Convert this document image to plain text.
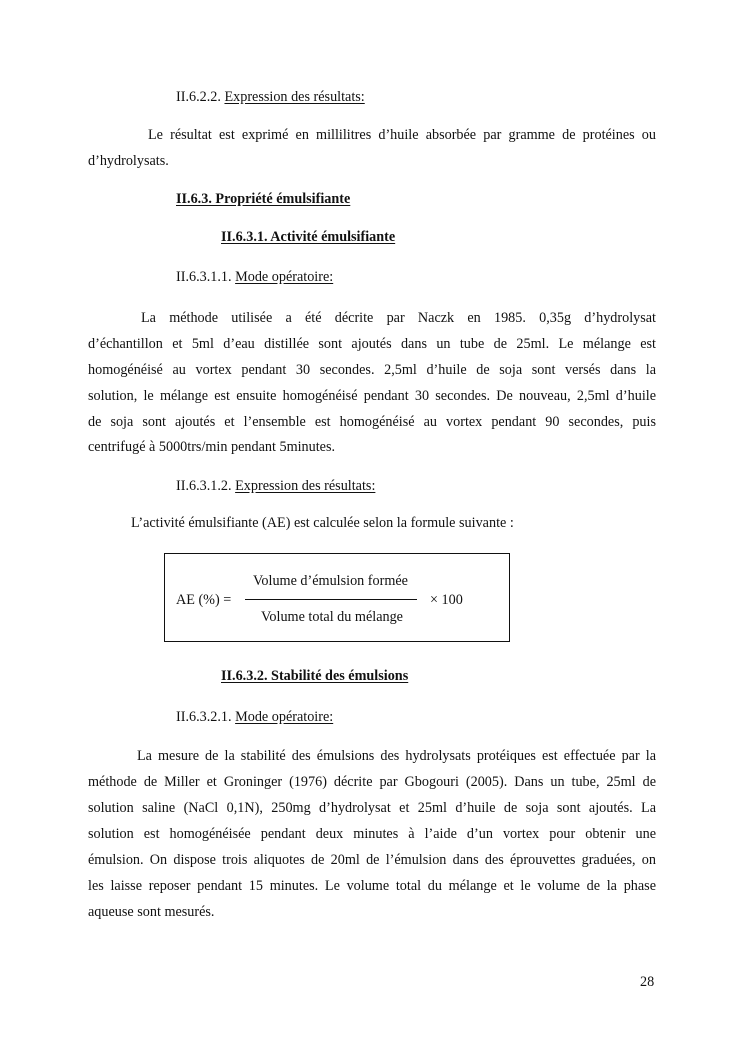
II.6.2.2. Expression des résultats:
Le résultat est exprimé en millilitres d’huile absorbée par gramme de protéines ou
d’hydrolysats.
II.6.3. Propriété émulsifiante
II.6.3.1. Activité émulsifiante
II.6.3.1.1. Mode opératoire:
La méthode utilisée a été décrite par Naczk en 1985. 0,35g d’hydrolysat
d’échantillon et 5ml d’eau distillée sont ajoutés dans un tube de 25ml. Le mélange est
homogénéisé au vortex pendant 30 secondes. 2,5ml d’huile de soja sont versés dans la
solution, le mélange est ensuite homogénéisé pendant 30 secondes. De nouveau, 2,5ml d’huile
de soja sont ajoutés et l’ensemble est homogénéisé au vortex pendant 90 secondes, puis
centrifugé à 5000trs/min pendant 5minutes.
II.6.3.1.2. Expression des résultats:
L’activité émulsifiante (AE) est calculée selon la formule suivante :
AE (%) =
Volume d’émulsion formée
Volume total du mélange
× 100
II.6.3.2. Stabilité des émulsions
II.6.3.2.1. Mode opératoire:
La mesure de la stabilité des émulsions des hydrolysats protéiques est effectuée par la
méthode de Miller et Groninger (1976) décrite par Gbogouri (2005). Dans un tube, 25ml de
solution saline (NaCl 0,1N), 250mg d’hydrolysat et 25ml d’huile de soja sont ajoutés. La
solution est homogénéisée pendant deux minutes à l’aide d’un vortex pour obtenir une
émulsion. On dispose trois aliquotes de 20ml de l’émulsion dans des éprouvettes graduées, on
les laisse reposer pendant 15 minutes. Le volume total du mélange et le volume de la phase
aqueuse sont mesurés.
28
